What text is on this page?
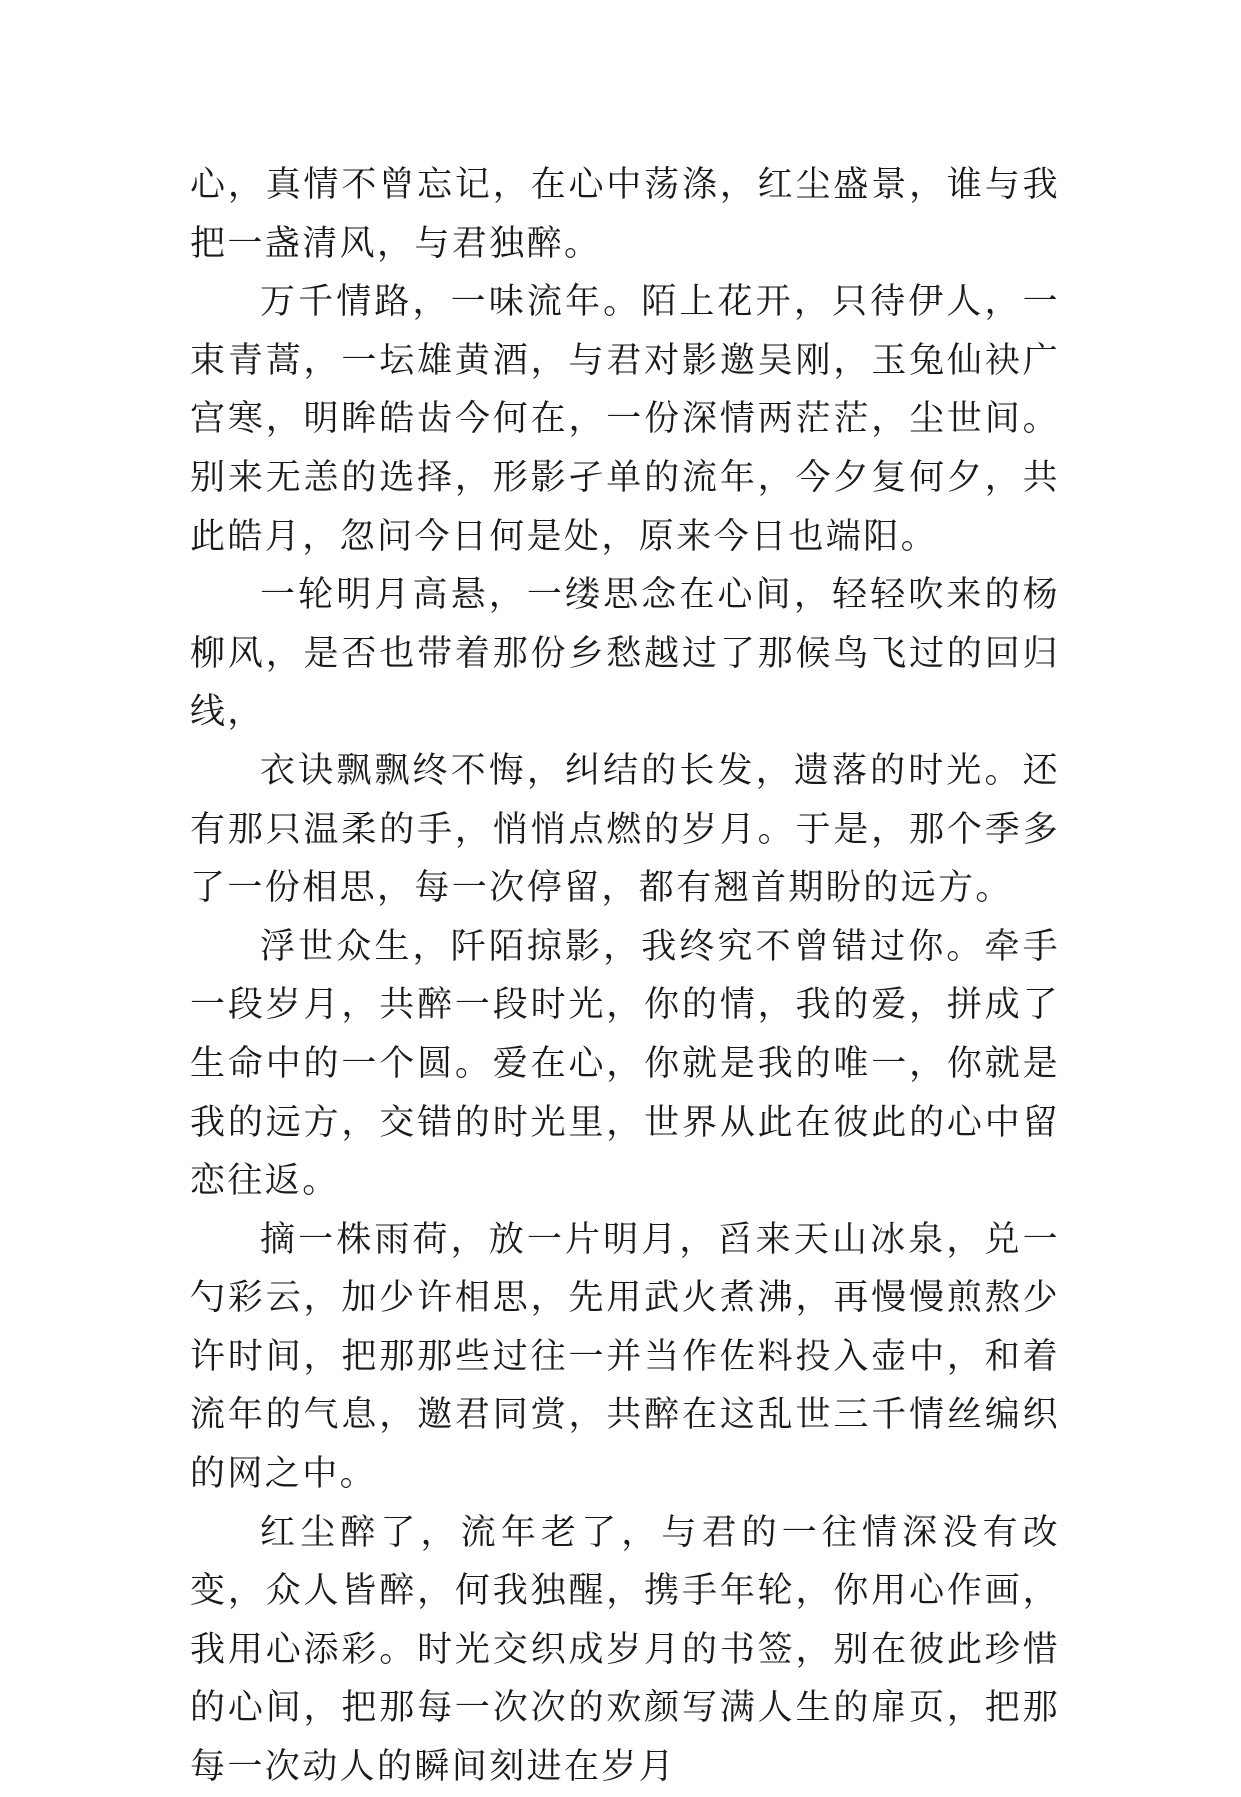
心，真情不曾忘记，在心中荡涤，红尘盛景，谁与我把一盏清风，与君独醉。

万千情路，一味流年。陌上花开，只待伊人，一束青蒿，一坛雄黄酒，与君对影邀吴刚，玉兔仙袂广宫寒，明眸皓齿今何在，一份深情两茫茫，尘世间。别来无恙的选择，形影孑单的流年，今夕复何夕，共此皓月，忽问今日何是处，原来今日也端阳。

一轮明月高悬，一缕思念在心间，轻轻吹来的杨柳风，是否也带着那份乡愁越过了那候鸟飞过的回归线，

衣诀飘飘终不悔，纠结的长发，遗落的时光。还有那只温柔的手，悄悄点燃的岁月。于是，那个季多了一份相思，每一次停留，都有翘首期盼的远方。

浮世众生，阡陌掠影，我终究不曾错过你。牵手一段岁月，共醉一段时光，你的情，我的爱，拼成了生命中的一个圆。爱在心，你就是我的唯一，你就是我的远方，交错的时光里，世界从此在彼此的心中留恋往返。

摘一株雨荷，放一片明月，舀来天山冰泉，兑一勺彩云，加少许相思，先用武火煮沸，再慢慢煎熬少许时间，把那那些过往一并当作佐料投入壶中，和着流年的气息，邀君同赏，共醉在这乱世三千情丝编织的网之中。

红尘醉了，流年老了，与君的一往情深没有改变，众人皆醉，何我独醒，携手年轮，你用心作画，我用心添彩。时光交织成岁月的书签，别在彼此珍惜的心间，把那每一次次的欢颜写满人生的扉页，把那每一次动人的瞬间刻进在岁月
